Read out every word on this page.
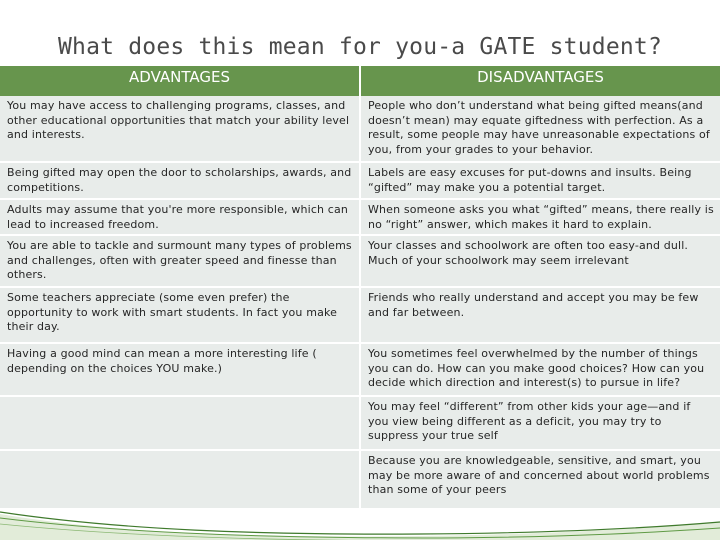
What does this mean for you-a GATE student?
ADVANTAGES	DISADVANTAGES
You may have access to challenging programs, classes, and other educational opportunities that match your ability level and interests.
People who don’t understand what being gifted means(and doesn’t mean) may equate giftedness with perfection. As a result, some people may have unreasonable expectations of you, from your grades to your behavior.
Being gifted may open the door to scholarships, awards, and competitions.
Labels are easy excuses for put-downs and insults. Being “gifted” may make you a potential target.
Adults may assume that you're more responsible, which can lead to increased freedom.
When someone asks you what “gifted” means, there really is no “right” answer, which makes it hard to explain.
You are able to tackle and surmount many types of problems and challenges, often with greater speed and finesse than others.
Your classes and schoolwork are often too easy-and dull. Much of your schoolwork may seem irrelevant
Some teachers appreciate (some even prefer) the opportunity to work with smart students. In fact you make their day.
Friends who really understand and accept you may be few and far between.
Having a good mind can mean a more interesting life ( depending on the choices YOU make.)
You sometimes feel overwhelmed by the number of things you can do. How can you make good choices? How can you decide which direction and interest(s) to pursue in life?
You may feel “different” from other kids your age—and if you view being different as a deficit, you may try to suppress your true self
Because you are knowledgeable, sensitive, and smart, you may be more aware of and concerned about world problems than some of your peers
